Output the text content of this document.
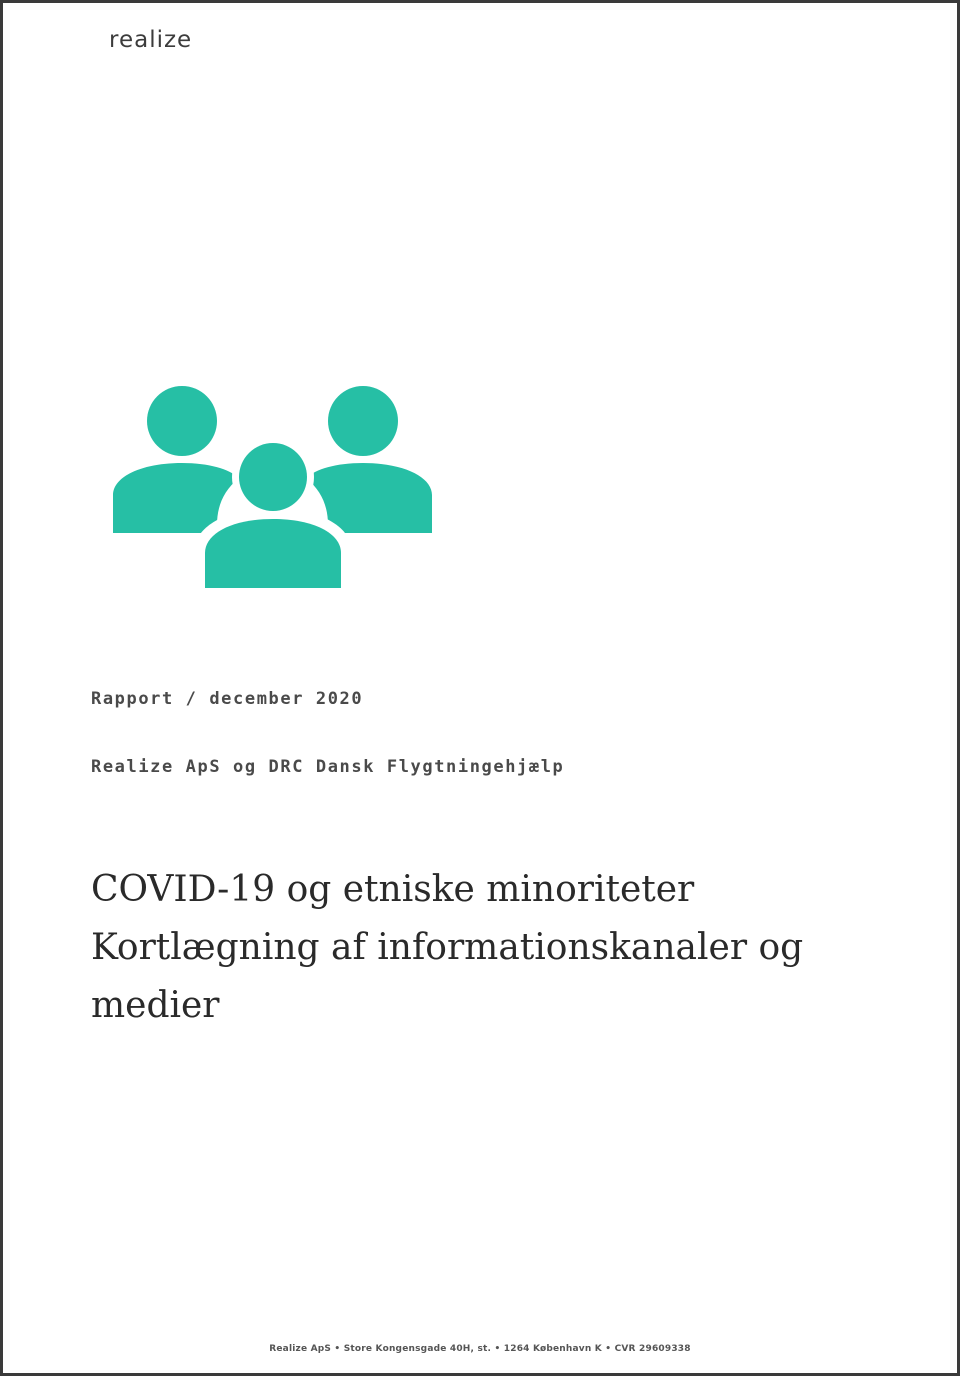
realize
Rapport / december 2020
Realize ApS og DRC Dansk Flygtningehjælp
COVID-19 og etniske minoriteter
Kortlægning af informationskanaler og
medier
Realize ApS • Store Kongensgade 40H, st. • 1264 København K • CVR 29609338
